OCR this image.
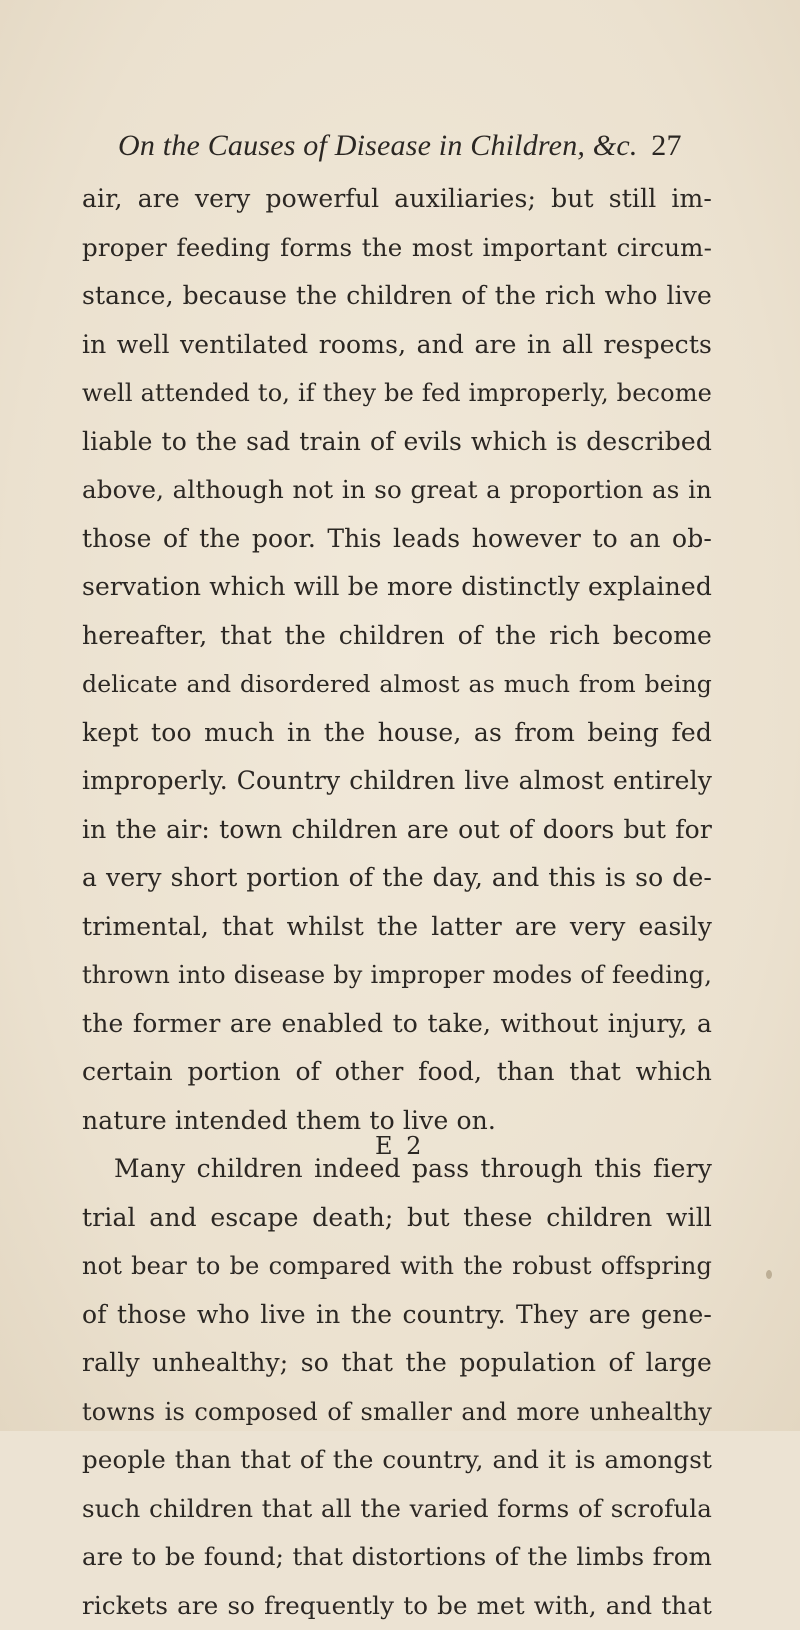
On the Causes of Disease in Children, &c. 27
air, are very powerful auxiliaries; but still im-
proper feeding forms the most important circum-
stance, because the children of the rich who live
in well ventilated rooms, and are in all respects
well attended to, if they be fed improperly, become
liable to the sad train of evils which is described
above, although not in so great a proportion as in
those of the poor. This leads however to an ob-
servation which will be more distinctly explained
hereafter, that the children of the rich become
delicate and disordered almost as much from being
kept too much in the house, as from being fed
improperly. Country children live almost entirely
in the air: town children are out of doors but for
a very short portion of the day, and this is so de-
trimental, that whilst the latter are very easily
thrown into disease by improper modes of feeding,
the former are enabled to take, without injury, a
certain portion of other food, than that which
nature intended them to live on.
Many children indeed pass through this fiery
trial and escape death; but these children will
not bear to be compared with the robust offspring
of those who live in the country. They are gene-
rally unhealthy; so that the population of large
towns is composed of smaller and more unhealthy
people than that of the country, and it is amongst
such children that all the varied forms of scrofula
are to be found; that distortions of the limbs from
rickets are so frequently to be met with, and that
E 2
